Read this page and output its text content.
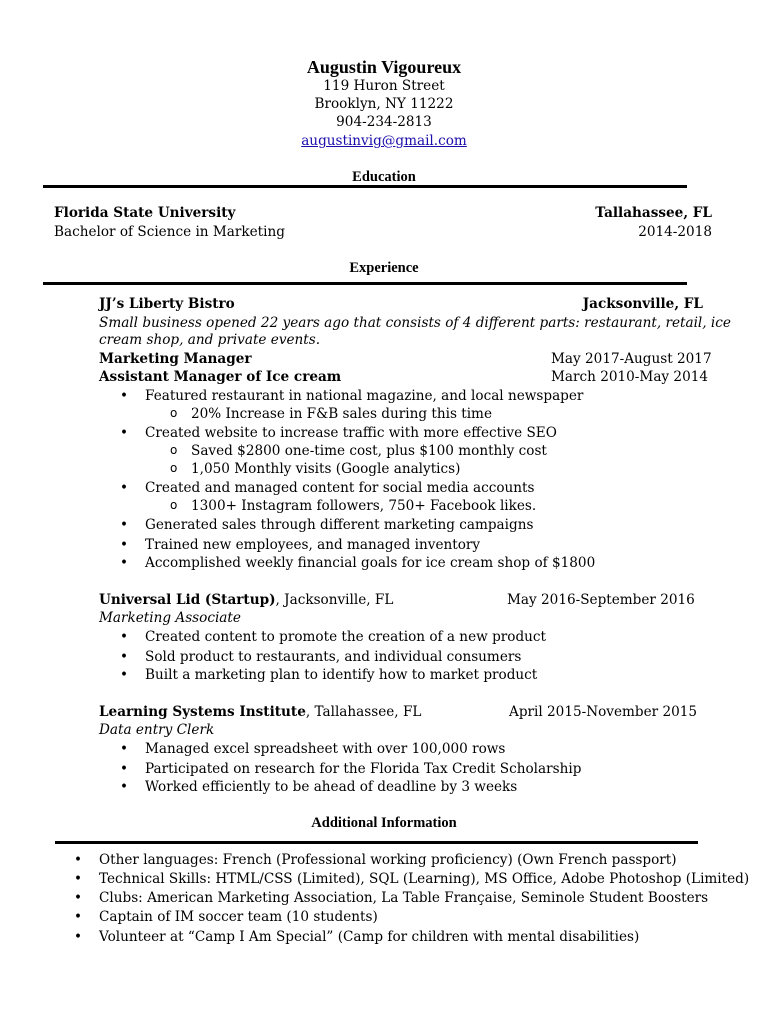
Augustin Vigoureux
119 Huron Street
Brooklyn, NY 11222
904-234-2813
augustinvig@gmail.com
Education
Florida State University	Tallahassee, FL
Bachelor of Science in Marketing	2014-2018
Experience
JJ’s Liberty Bistro	Jacksonville, FL
Small business opened 22 years ago that consists of 4 different parts: restaurant, retail, ice
cream shop, and private events.
Marketing Manager	May 2017-August 2017
Assistant Manager of Ice cream	March 2010-May 2014
• Featured restaurant in national magazine, and local newspaper
o 20% Increase in F&B sales during this time
• Created website to increase traffic with more effective SEO
o Saved $2800 one-time cost, plus $100 monthly cost
o 1,050 Monthly visits (Google analytics)
• Created and managed content for social media accounts
o 1300+ Instagram followers, 750+ Facebook likes.
• Generated sales through different marketing campaigns
• Trained new employees, and managed inventory
• Accomplished weekly financial goals for ice cream shop of $1800
Universal Lid (Startup), Jacksonville, FL	May 2016-September 2016
Marketing Associate
• Created content to promote the creation of a new product
• Sold product to restaurants, and individual consumers
• Built a marketing plan to identify how to market product
Learning Systems Institute, Tallahassee, FL	April 2015-November 2015
Data entry Clerk
• Managed excel spreadsheet with over 100,000 rows
• Participated on research for the Florida Tax Credit Scholarship
• Worked efficiently to be ahead of deadline by 3 weeks
Additional Information
• Other languages: French (Professional working proficiency) (Own French passport)
• Technical Skills: HTML/CSS (Limited), SQL (Learning), MS Office, Adobe Photoshop (Limited)
• Clubs: American Marketing Association, La Table Française, Seminole Student Boosters
• Captain of IM soccer team (10 students)
• Volunteer at “Camp I Am Special” (Camp for children with mental disabilities)
